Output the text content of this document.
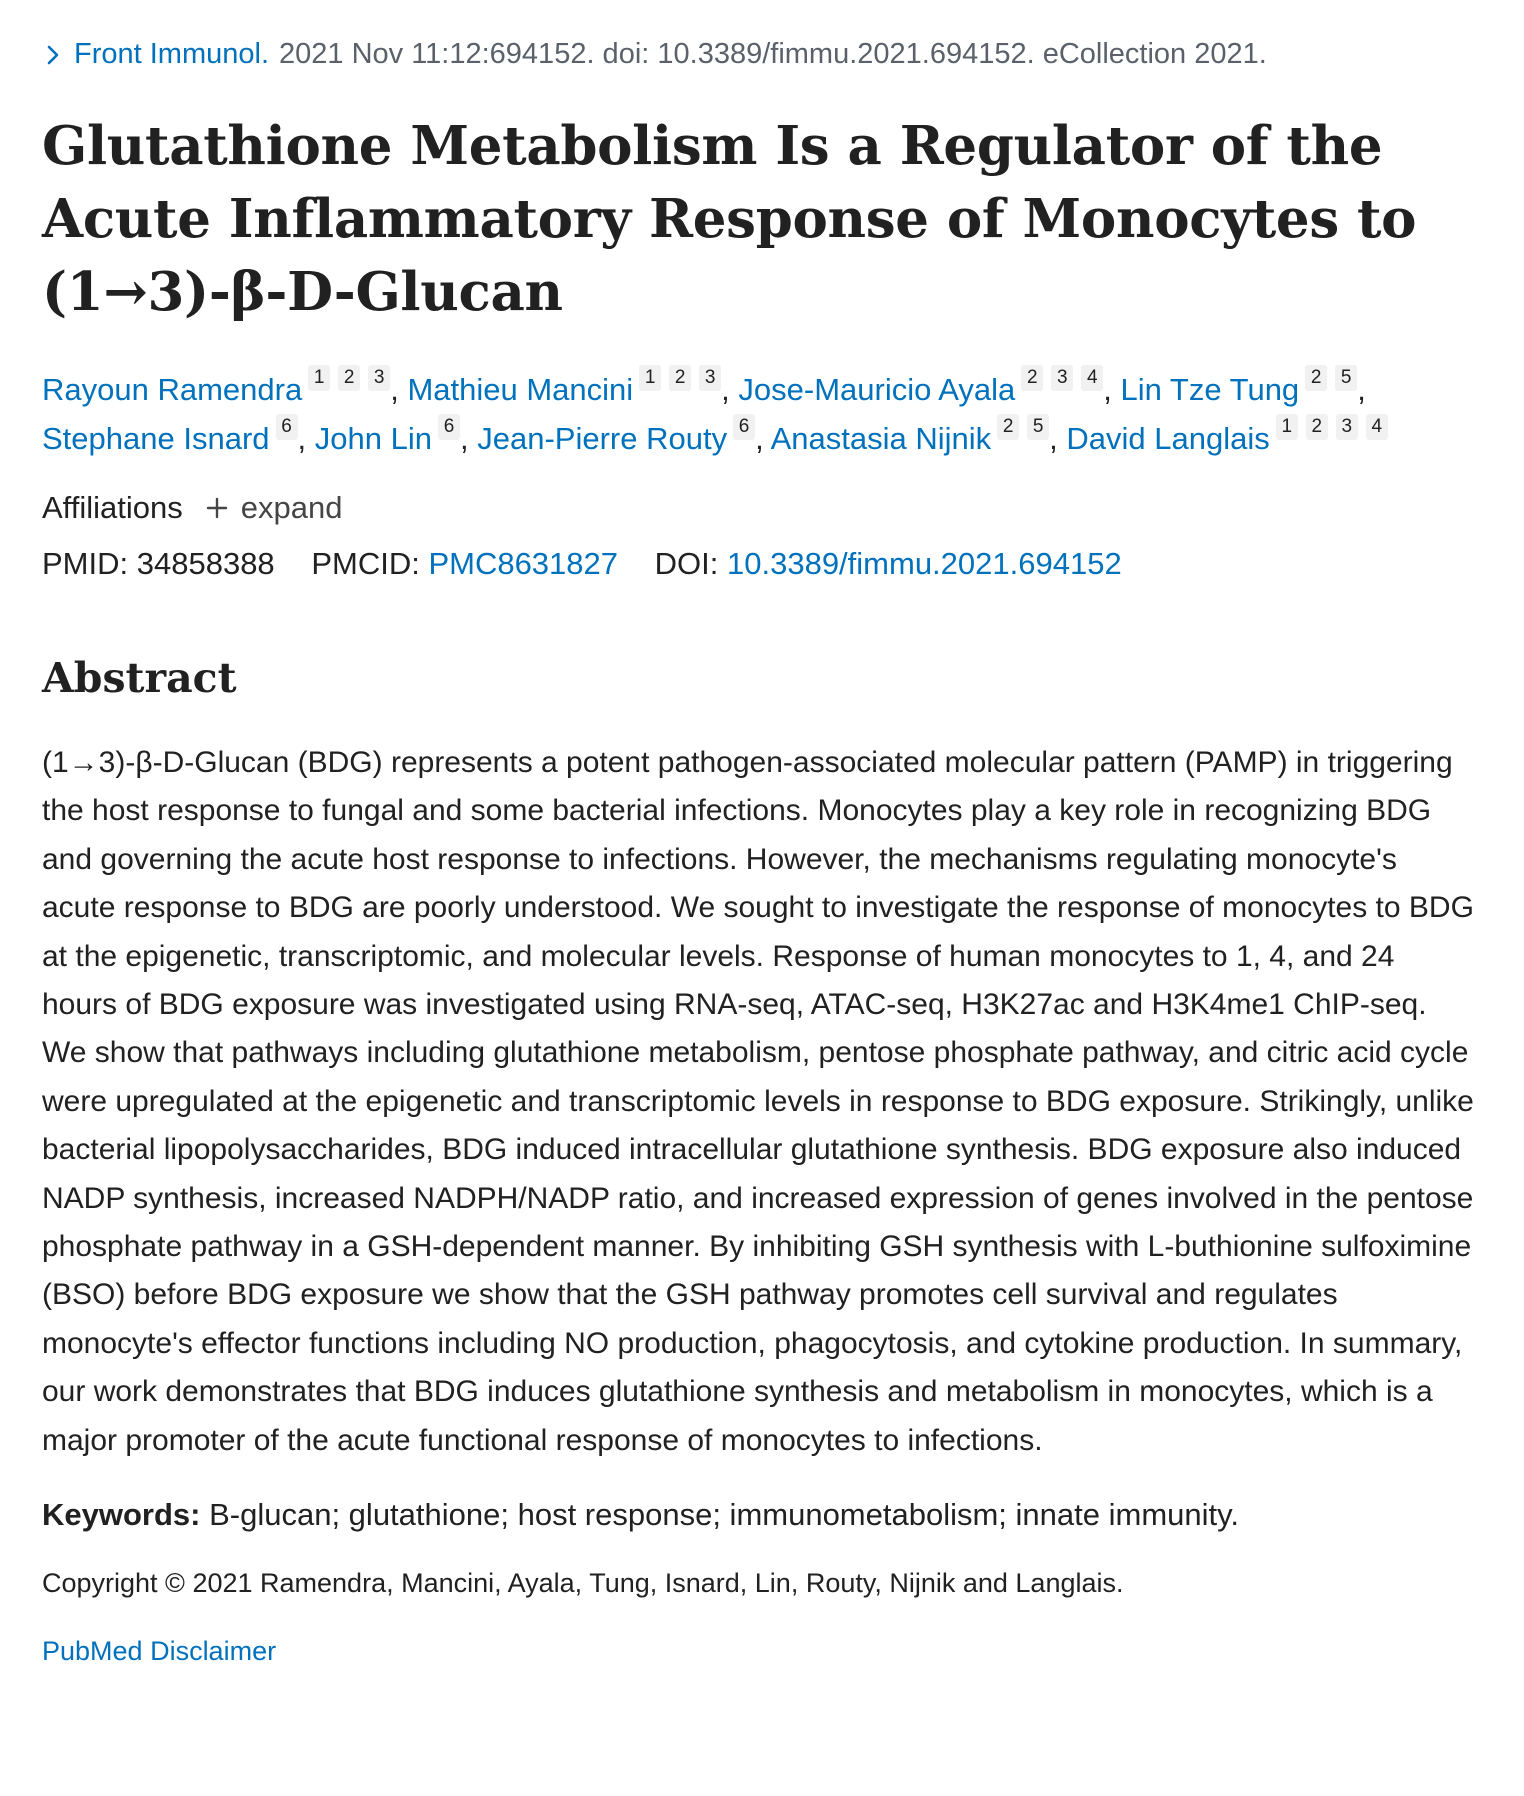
Front Immunol. 2021 Nov 11:12:694152. doi: 10.3389/fimmu.2021.694152. eCollection 2021.
Glutathione Metabolism Is a Regulator of the Acute Inflammatory Response of Monocytes to (1→3)-β-D-Glucan
Rayoun Ramendra 1 2 3 , Mathieu Mancini 1 2 3 , Jose-Mauricio Ayala 2 3 4 , Lin Tze Tung 2 5 , Stephane Isnard 6 , John Lin 6 , Jean-Pierre Routy 6 , Anastasia Nijnik 2 5 , David Langlais 1 2 3 4
Affiliations expand
PMID: 34858388 PMCID: PMC8631827 DOI: 10.3389/fimmu.2021.694152
Abstract
(1→3)-β-D-Glucan (BDG) represents a potent pathogen-associated molecular pattern (PAMP) in triggering the host response to fungal and some bacterial infections. Monocytes play a key role in recognizing BDG and governing the acute host response to infections. However, the mechanisms regulating monocyte's acute response to BDG are poorly understood. We sought to investigate the response of monocytes to BDG at the epigenetic, transcriptomic, and molecular levels. Response of human monocytes to 1, 4, and 24 hours of BDG exposure was investigated using RNA-seq, ATAC-seq, H3K27ac and H3K4me1 ChIP-seq. We show that pathways including glutathione metabolism, pentose phosphate pathway, and citric acid cycle were upregulated at the epigenetic and transcriptomic levels in response to BDG exposure. Strikingly, unlike bacterial lipopolysaccharides, BDG induced intracellular glutathione synthesis. BDG exposure also induced NADP synthesis, increased NADPH/NADP ratio, and increased expression of genes involved in the pentose phosphate pathway in a GSH-dependent manner. By inhibiting GSH synthesis with L-buthionine sulfoximine (BSO) before BDG exposure we show that the GSH pathway promotes cell survival and regulates monocyte's effector functions including NO production, phagocytosis, and cytokine production. In summary, our work demonstrates that BDG induces glutathione synthesis and metabolism in monocytes, which is a major promoter of the acute functional response of monocytes to infections.
Keywords: B-glucan; glutathione; host response; immunometabolism; innate immunity.
Copyright © 2021 Ramendra, Mancini, Ayala, Tung, Isnard, Lin, Routy, Nijnik and Langlais.
PubMed Disclaimer
